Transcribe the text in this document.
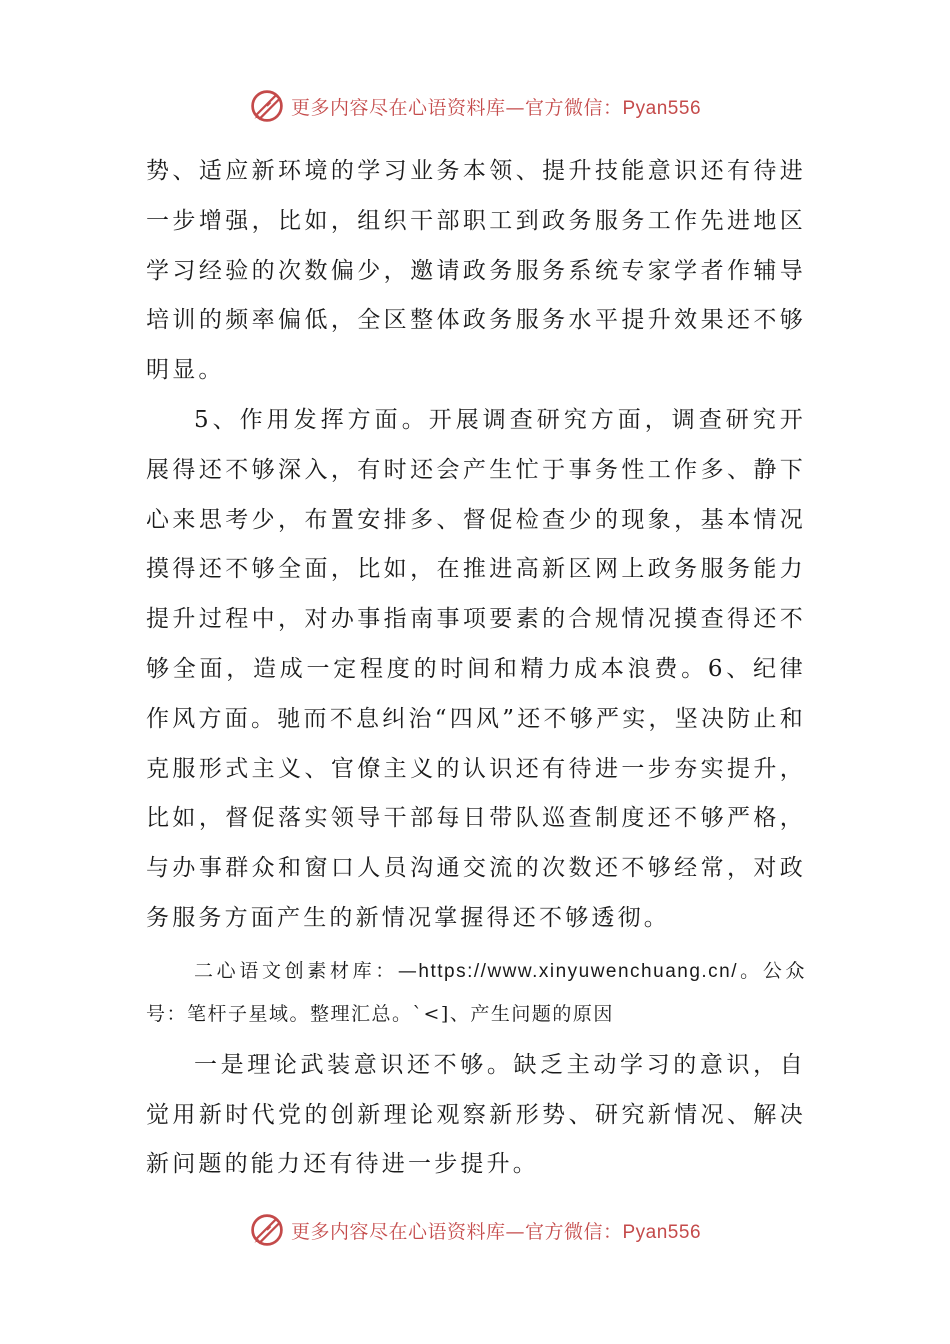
更多内容尽在心语资料库—官方微信：Pyan556

势、适应新环境的学习业务本领、提升技能意识还有待进一步增强，比如，组织干部职工到政务服务工作先进地区学习经验的次数偏少，邀请政务服务系统专家学者作辅导培训的频率偏低，全区整体政务服务水平提升效果还不够明显。

5、作用发挥方面。开展调查研究方面，调查研究开展得还不够深入，有时还会产生忙于事务性工作多、静下心来思考少，布置安排多、督促检查少的现象，基本情况摸得还不够全面，比如，在推进高新区网上政务服务能力提升过程中，对办事指南事项要素的合规情况摸查得还不够全面，造成一定程度的时间和精力成本浪费。6、纪律作风方面。驰而不息纠治“四风”还不够严实，坚决防止和克服形式主义、官僚主义的认识还有待进一步夯实提升，比如，督促落实领导干部每日带队巡查制度还不够严格，与办事群众和窗口人员沟通交流的次数还不够经常，对政务服务方面产生的新情况掌握得还不够透彻。

二心语文创素材库：—https://www.xinyuwenchuang.cn/。公众号：笔杆子星域。整理汇总。`<]、产生问题的原因

一是理论武装意识还不够。缺乏主动学习的意识，自觉用新时代党的创新理论观察新形势、研究新情况、解决新问题的能力还有待进一步提升。

更多内容尽在心语资料库—官方微信：Pyan556
